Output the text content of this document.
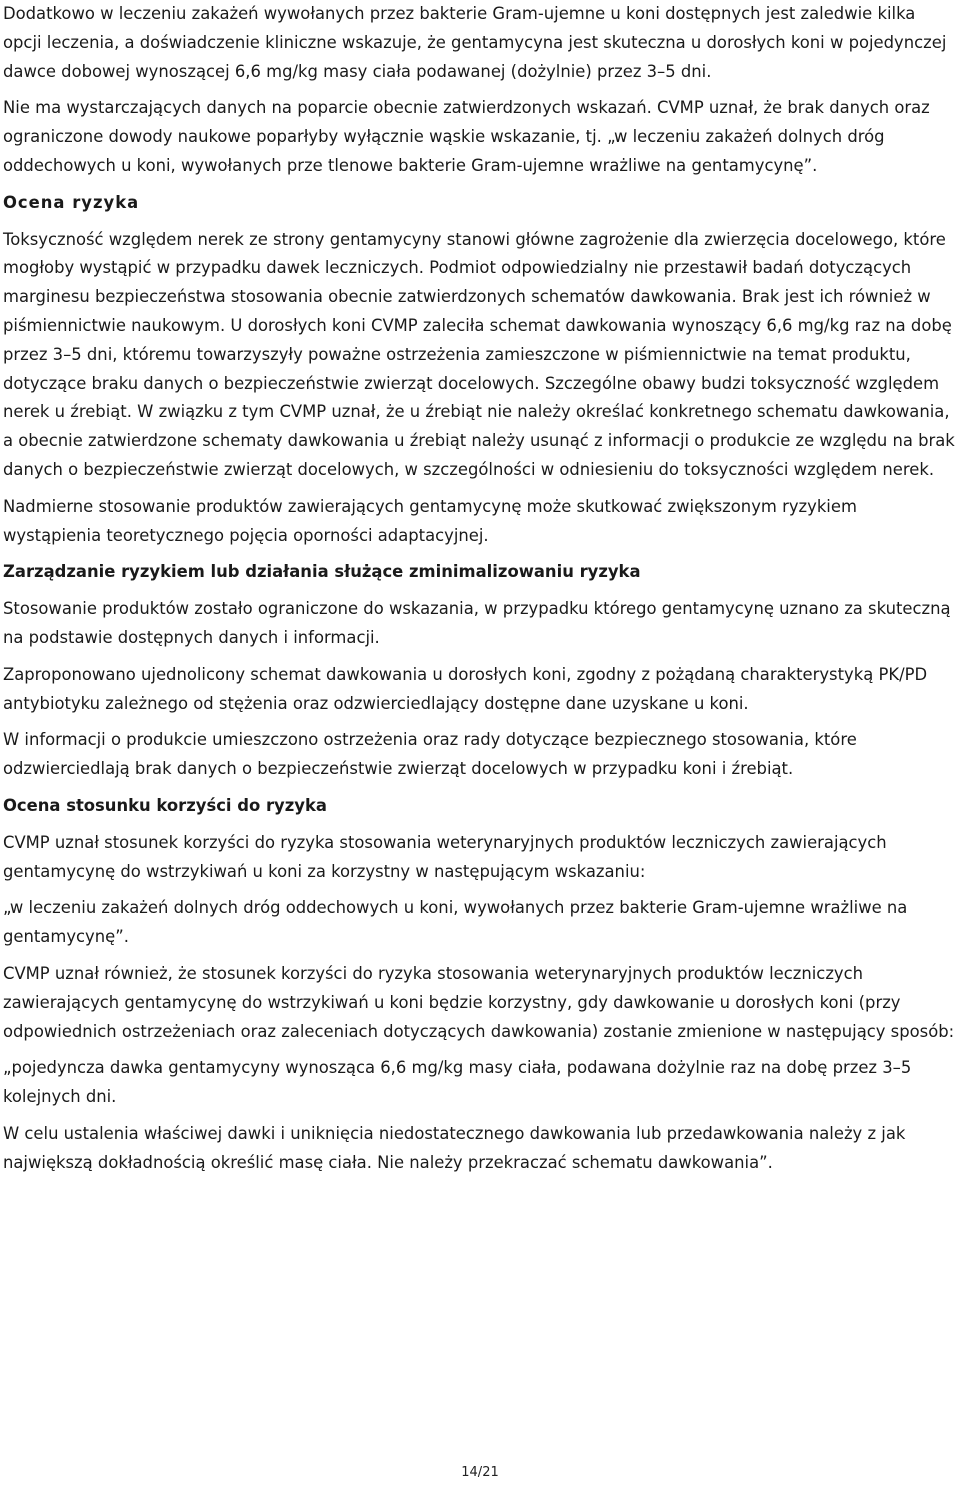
Dodatkowo w leczeniu zakażeń wywołanych przez bakterie Gram-ujemne u koni dostępnych jest zaledwie kilka opcji leczenia, a doświadczenie kliniczne wskazuje, że gentamycyna jest skuteczna u dorosłych koni w pojedynczej dawce dobowej wynoszącej 6,6 mg/kg masy ciała podawanej (dożylnie) przez 3–5 dni.

Nie ma wystarczających danych na poparcie obecnie zatwierdzonych wskazań. CVMP uznał, że brak danych oraz ograniczone dowody naukowe poparłyby wyłącznie wąskie wskazanie, tj. „w leczeniu zakażeń dolnych dróg oddechowych u koni, wywołanych prze tlenowe bakterie Gram-ujemne wrażliwe na gentamycynę”.

Ocena ryzyka

Toksyczność względem nerek ze strony gentamycyny stanowi główne zagrożenie dla zwierzęcia docelowego, które mogłoby wystąpić w przypadku dawek leczniczych. Podmiot odpowiedzialny nie przestawił badań dotyczących marginesu bezpieczeństwa stosowania obecnie zatwierdzonych schematów dawkowania. Brak jest ich również w piśmiennictwie naukowym. U dorosłych koni CVMP zaleciła schemat dawkowania wynoszący 6,6 mg/kg raz na dobę przez 3–5 dni, któremu towarzyszyły poważne ostrzeżenia zamieszczone w piśmiennictwie na temat produktu, dotyczące braku danych o bezpieczeństwie zwierząt docelowych. Szczególne obawy budzi toksyczność względem nerek u źrebiąt. W związku z tym CVMP uznał, że u źrebiąt nie należy określać konkretnego schematu dawkowania, a obecnie zatwierdzone schematy dawkowania u źrebiąt należy usunąć z informacji o produkcie ze względu na brak danych o bezpieczeństwie zwierząt docelowych, w szczególności w odniesieniu do toksyczności względem nerek.

Nadmierne stosowanie produktów zawierających gentamycynę może skutkować zwiększonym ryzykiem wystąpienia teoretycznego pojęcia oporności adaptacyjnej.

Zarządzanie ryzykiem lub działania służące zminimalizowaniu ryzyka

Stosowanie produktów zostało ograniczone do wskazania, w przypadku którego gentamycynę uznano za skuteczną na podstawie dostępnych danych i informacji.

Zaproponowano ujednolicony schemat dawkowania u dorosłych koni, zgodny z pożądaną charakterystyką PK/PD antybiotyku zależnego od stężenia oraz odzwierciedlający dostępne dane uzyskane u koni.

W informacji o produkcie umieszczono ostrzeżenia oraz rady dotyczące bezpiecznego stosowania, które odzwierciedlają brak danych o bezpieczeństwie zwierząt docelowych w przypadku koni i źrebiąt.

Ocena stosunku korzyści do ryzyka

CVMP uznał stosunek korzyści do ryzyka stosowania weterynaryjnych produktów leczniczych zawierających gentamycynę do wstrzykiwań u koni za korzystny w następującym wskazaniu:

„w leczeniu zakażeń dolnych dróg oddechowych u koni, wywołanych przez bakterie Gram-ujemne wrażliwe na gentamycynę”.

CVMP uznał również, że stosunek korzyści do ryzyka stosowania weterynaryjnych produktów leczniczych zawierających gentamycynę do wstrzykiwań u koni będzie korzystny, gdy dawkowanie u dorosłych koni (przy odpowiednich ostrzeżeniach oraz zaleceniach dotyczących dawkowania) zostanie zmienione w następujący sposób:

„pojedyncza dawka gentamycyny wynosząca 6,6 mg/kg masy ciała, podawana dożylnie raz na dobę przez 3–5 kolejnych dni.

W celu ustalenia właściwej dawki i uniknięcia niedostatecznego dawkowania lub przedawkowania należy z jak największą dokładnością określić masę ciała. Nie należy przekraczać schematu dawkowania”.

14/21
